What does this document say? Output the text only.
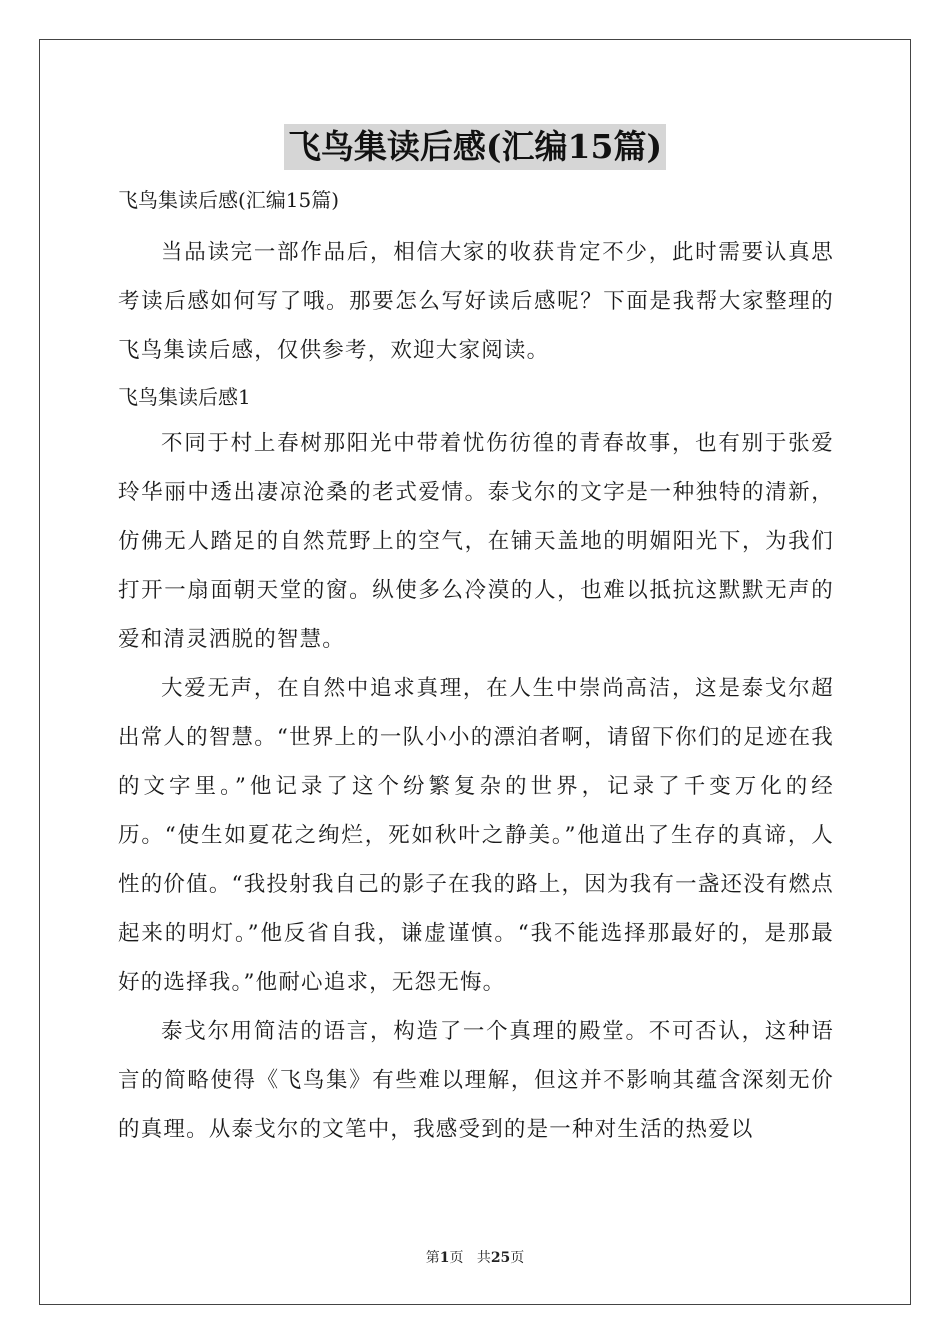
飞鸟集读后感(汇编15篇)

飞鸟集读后感(汇编15篇)

当品读完一部作品后，相信大家的收获肯定不少，此时需要认真思考读后感如何写了哦。那要怎么写好读后感呢？下面是我帮大家整理的飞鸟集读后感，仅供参考，欢迎大家阅读。

飞鸟集读后感1

不同于村上春树那阳光中带着忧伤彷徨的青春故事，也有别于张爱玲华丽中透出凄凉沧桑的老式爱情。泰戈尔的文字是一种独特的清新，仿佛无人踏足的自然荒野上的空气，在铺天盖地的明媚阳光下，为我们打开一扇面朝天堂的窗。纵使多么冷漠的人，也难以抵抗这默默无声的爱和清灵洒脱的智慧。

大爱无声，在自然中追求真理，在人生中崇尚高洁，这是泰戈尔超出常人的智慧。“世界上的一队小小的漂泊者啊，请留下你们的足迹在我的文字里。”他记录了这个纷繁复杂的世界，记录了千变万化的经历。“使生如夏花之绚烂，死如秋叶之静美。”他道出了生存的真谛，人性的价值。“我投射我自己的影子在我的路上，因为我有一盏还没有燃点起来的明灯。”他反省自我，谦虚谨慎。“我不能选择那最好的，是那最好的选择我。”他耐心追求，无怨无悔。

泰戈尔用简洁的语言，构造了一个真理的殿堂。不可否认，这种语言的简略使得《飞鸟集》有些难以理解，但这并不影响其蕴含深刻无价的真理。从泰戈尔的文笔中，我感受到的是一种对生活的热爱以

第1页 共25页
